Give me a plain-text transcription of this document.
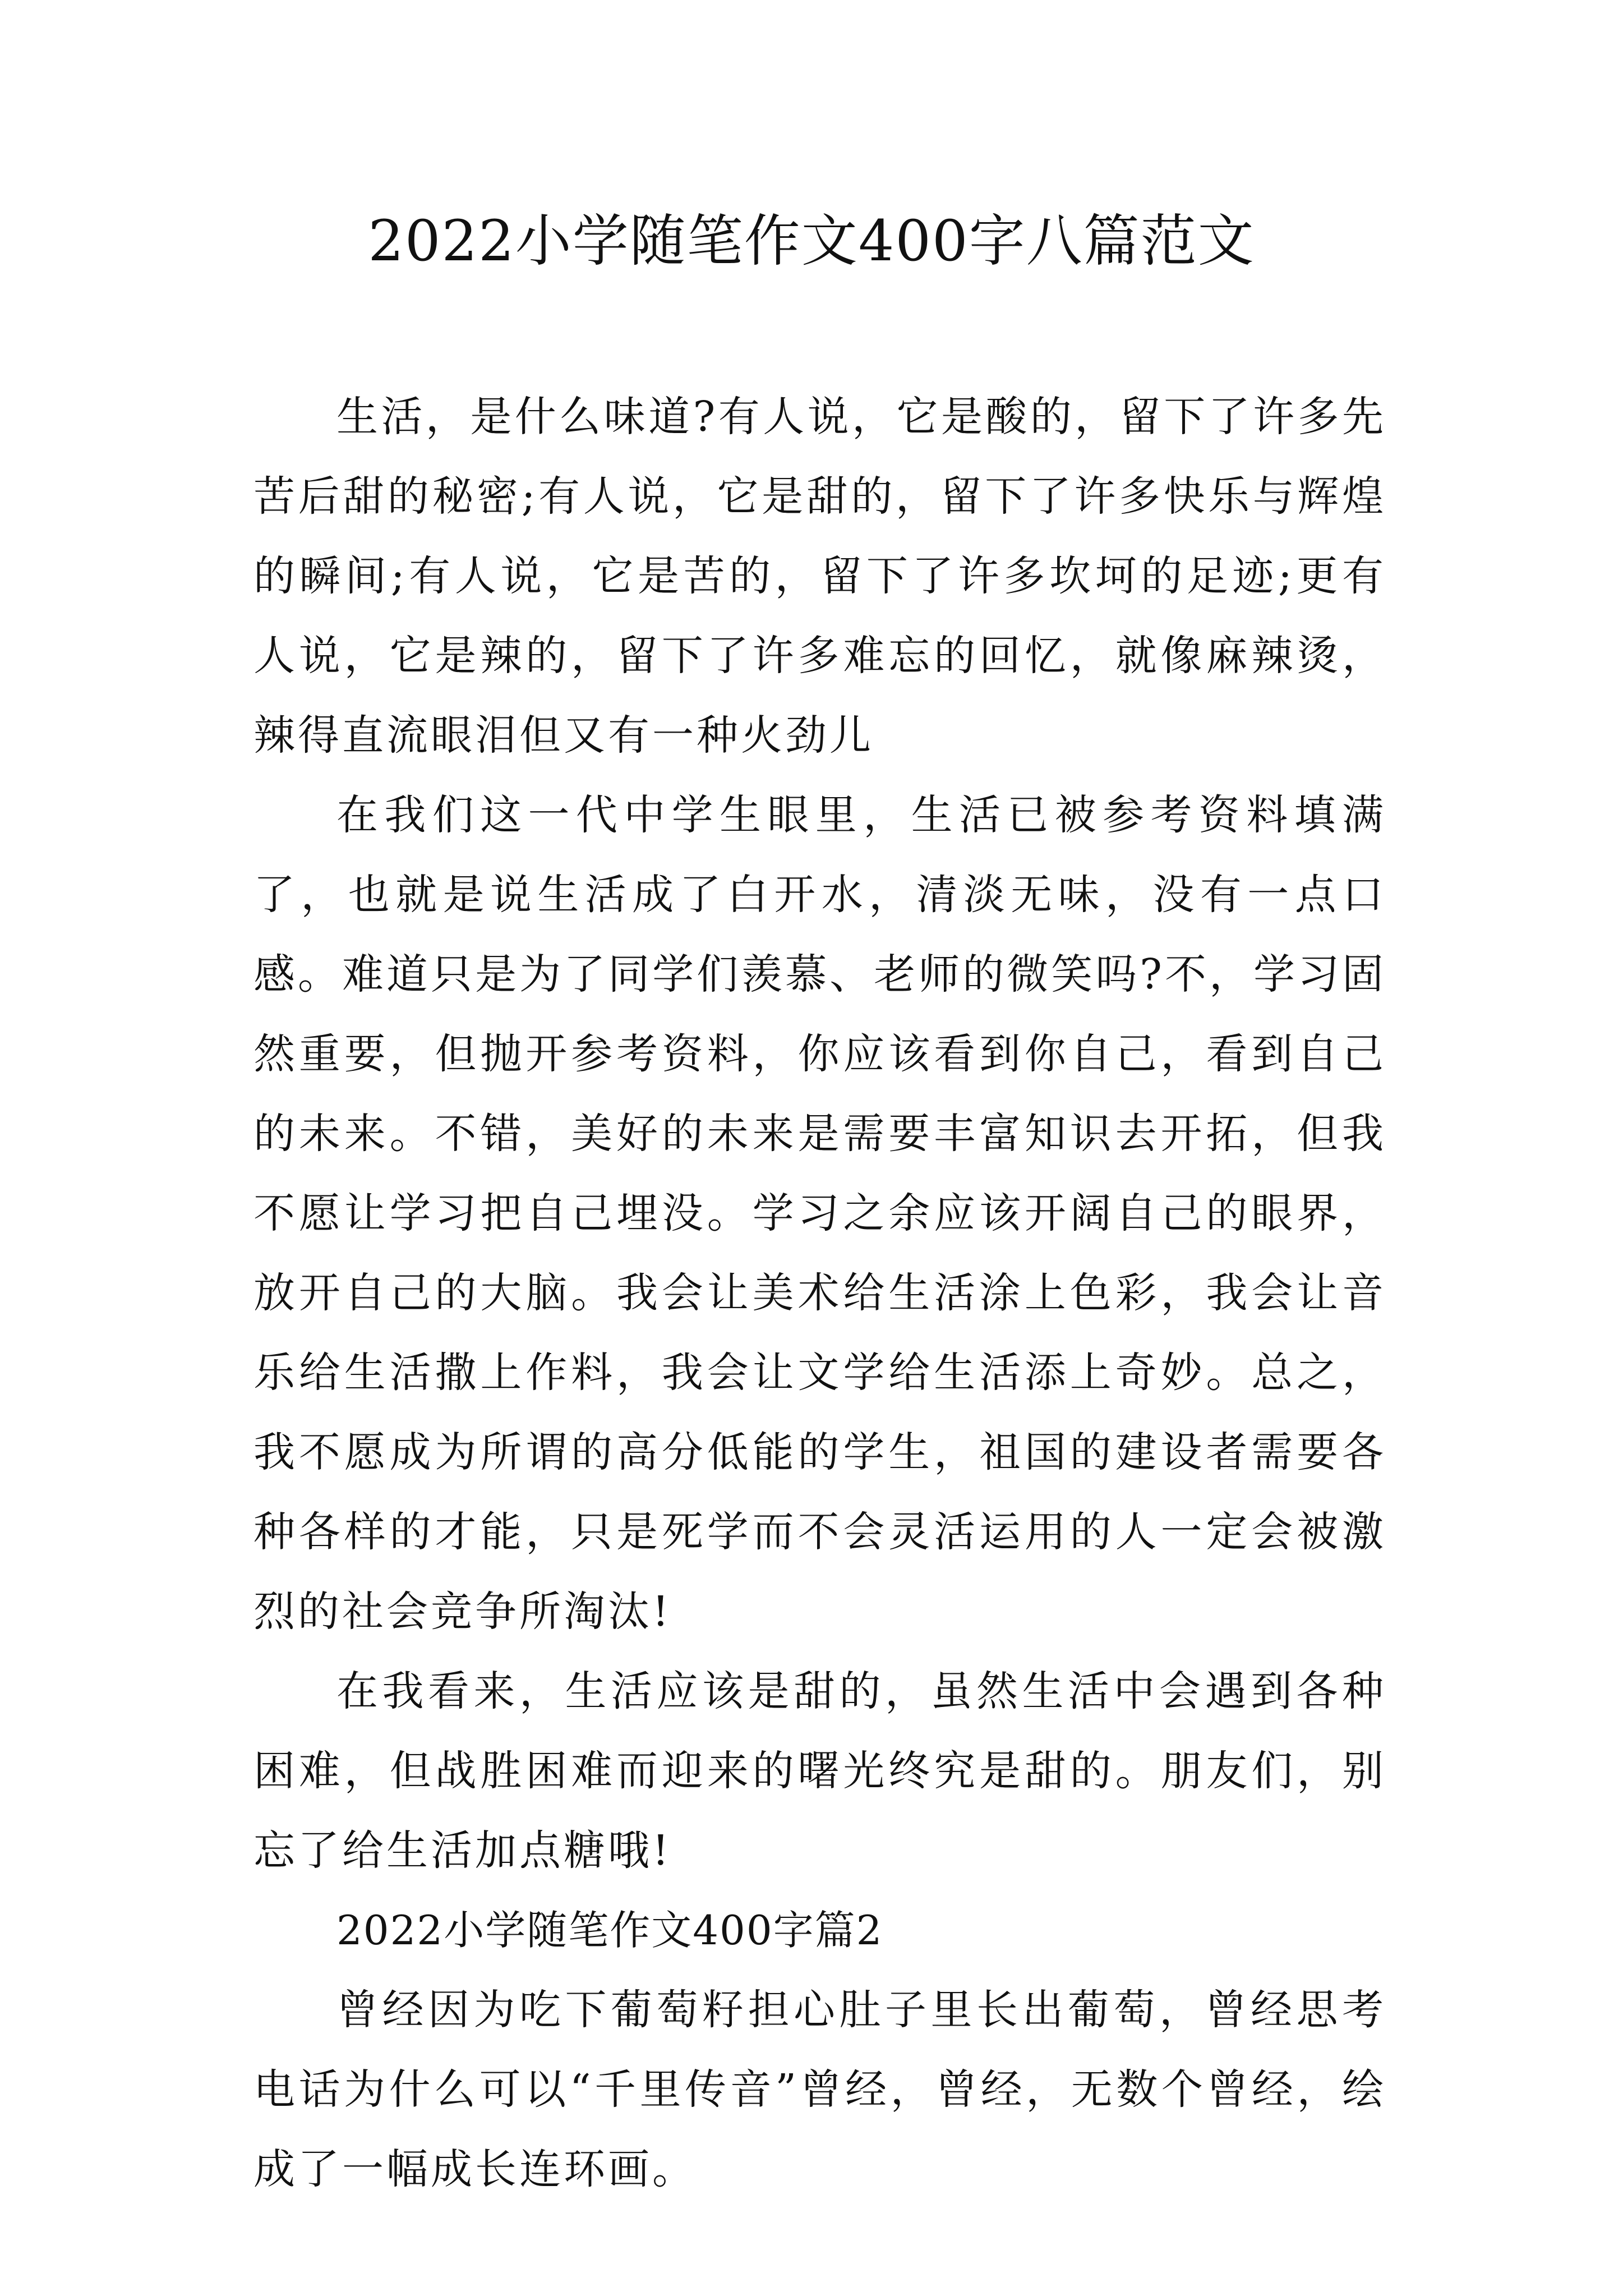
2022小学随笔作文400字八篇范文

生活，是什么味道?有人说，它是酸的，留下了许多先苦后甜的秘密;有人说，它是甜的，留下了许多快乐与辉煌的瞬间;有人说，它是苦的，留下了许多坎坷的足迹;更有人说，它是辣的，留下了许多难忘的回忆，就像麻辣烫，辣得直流眼泪但又有一种火劲儿

在我们这一代中学生眼里，生活已被参考资料填满了，也就是说生活成了白开水，清淡无味，没有一点口感。难道只是为了同学们羡慕、老师的微笑吗?不，学习固然重要，但抛开参考资料，你应该看到你自己，看到自己的未来。不错，美好的未来是需要丰富知识去开拓，但我不愿让学习把自己埋没。学习之余应该开阔自己的眼界，放开自己的大脑。我会让美术给生活涂上色彩，我会让音乐给生活撒上作料，我会让文学给生活添上奇妙。总之，我不愿成为所谓的高分低能的学生，祖国的建设者需要各种各样的才能，只是死学而不会灵活运用的人一定会被激烈的社会竞争所淘汰!

在我看来，生活应该是甜的，虽然生活中会遇到各种困难，但战胜困难而迎来的曙光终究是甜的。朋友们，别忘了给生活加点糖哦!

2022小学随笔作文400字篇2

曾经因为吃下葡萄籽担心肚子里长出葡萄，曾经思考电话为什么可以“千里传音”曾经，曾经，无数个曾经，绘成了一幅成长连环画。
